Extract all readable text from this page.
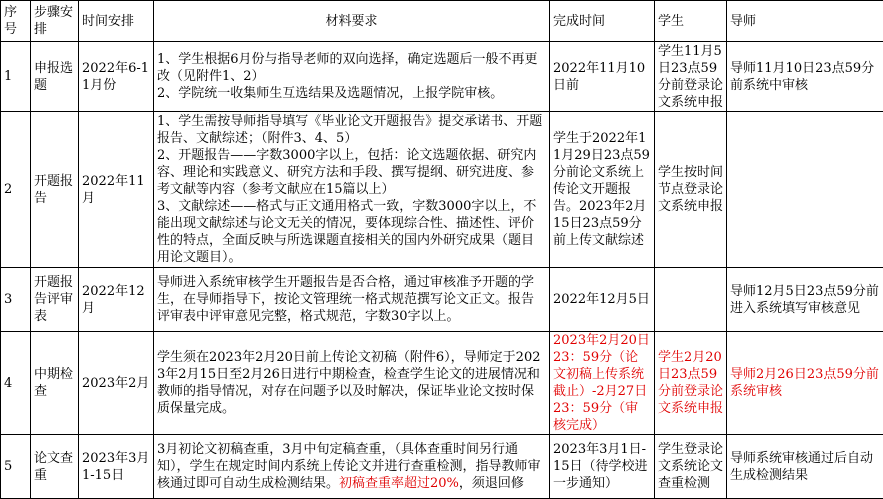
序号	步骤安排	时间安排	材料要求	完成时间	学生	导师
1	申报选题	2022年6-11月份	1、学生根据6月份与指导老师的双向选择，确定选题后一般不再更改（见附件1、2）
2、学院统一收集师生互选结果及选题情况，上报学院审核。	2022年11月10日前	学生11月5日23点59分前登录论文系统申报	导师11月10日23点59分前系统中审核
2	开题报告	2022年11月	1、学生需按导师指导填写《毕业论文开题报告》提交承诺书、开题报告、文献综述；（附件3、4、5）
2、开题报告——字数3000字以上，包括：论文选题依据、研究内容、理论和实践意义、研究方法和手段、撰写提纲、研究进度、参考文献等内容（参考文献应在15篇以上）
3、文献综述——格式与正文通用格式一致，字数3000字以上，不能出现文献综述与论文无关的情况，要体现综合性、描述性、评价性的特点，全面反映与所选课题直接相关的国内外研究成果（题目用论文题目）。	学生于2022年11月29日23点59分前论文系统上传论文开题报告。2023年2月15日23点59分前上传文献综述	学生按时间节点登录论文系统申报	
3	开题报告评审表	2022年12月	导师进入系统审核学生开题报告是否合格，通过审核准予开题的学生，在导师指导下，按论文管理统一格式规范撰写论文正文。报告评审表中评审意见完整，格式规范，字数30字以上。	2022年12月5日		导师12月5日23点59分前进入系统填写审核意见
4	中期检查	2023年2月	学生须在2023年2月20日前上传论文初稿（附件6），导师定于2023年2月15日至2月26日进行中期检查，检查学生论文的进展情况和教师的指导情况，对存在问题予以及时解决，保证毕业论文按时保质保量完成。	2023年2月20日23：59分（论文初稿上传系统截止）-2月27日23：59分（审核完成）	学生2月20日23点59分前登录论文系统申报	导师2月26日23点59分前系统审核
5	论文查重	2023年3月1-15日	3月初论文初稿查重，3月中旬定稿查重，（具体查重时间另行通知），学生在规定时间内系统上传论文并进行查重检测，指导教师审核通过即可自动生成检测结果。初稿查重率超过20%，须退回修	2023年3月1日-15日（待学校进一步通知）	学生登录论文系统论文查重检测	导师系统审核通过后自动生成检测结果
